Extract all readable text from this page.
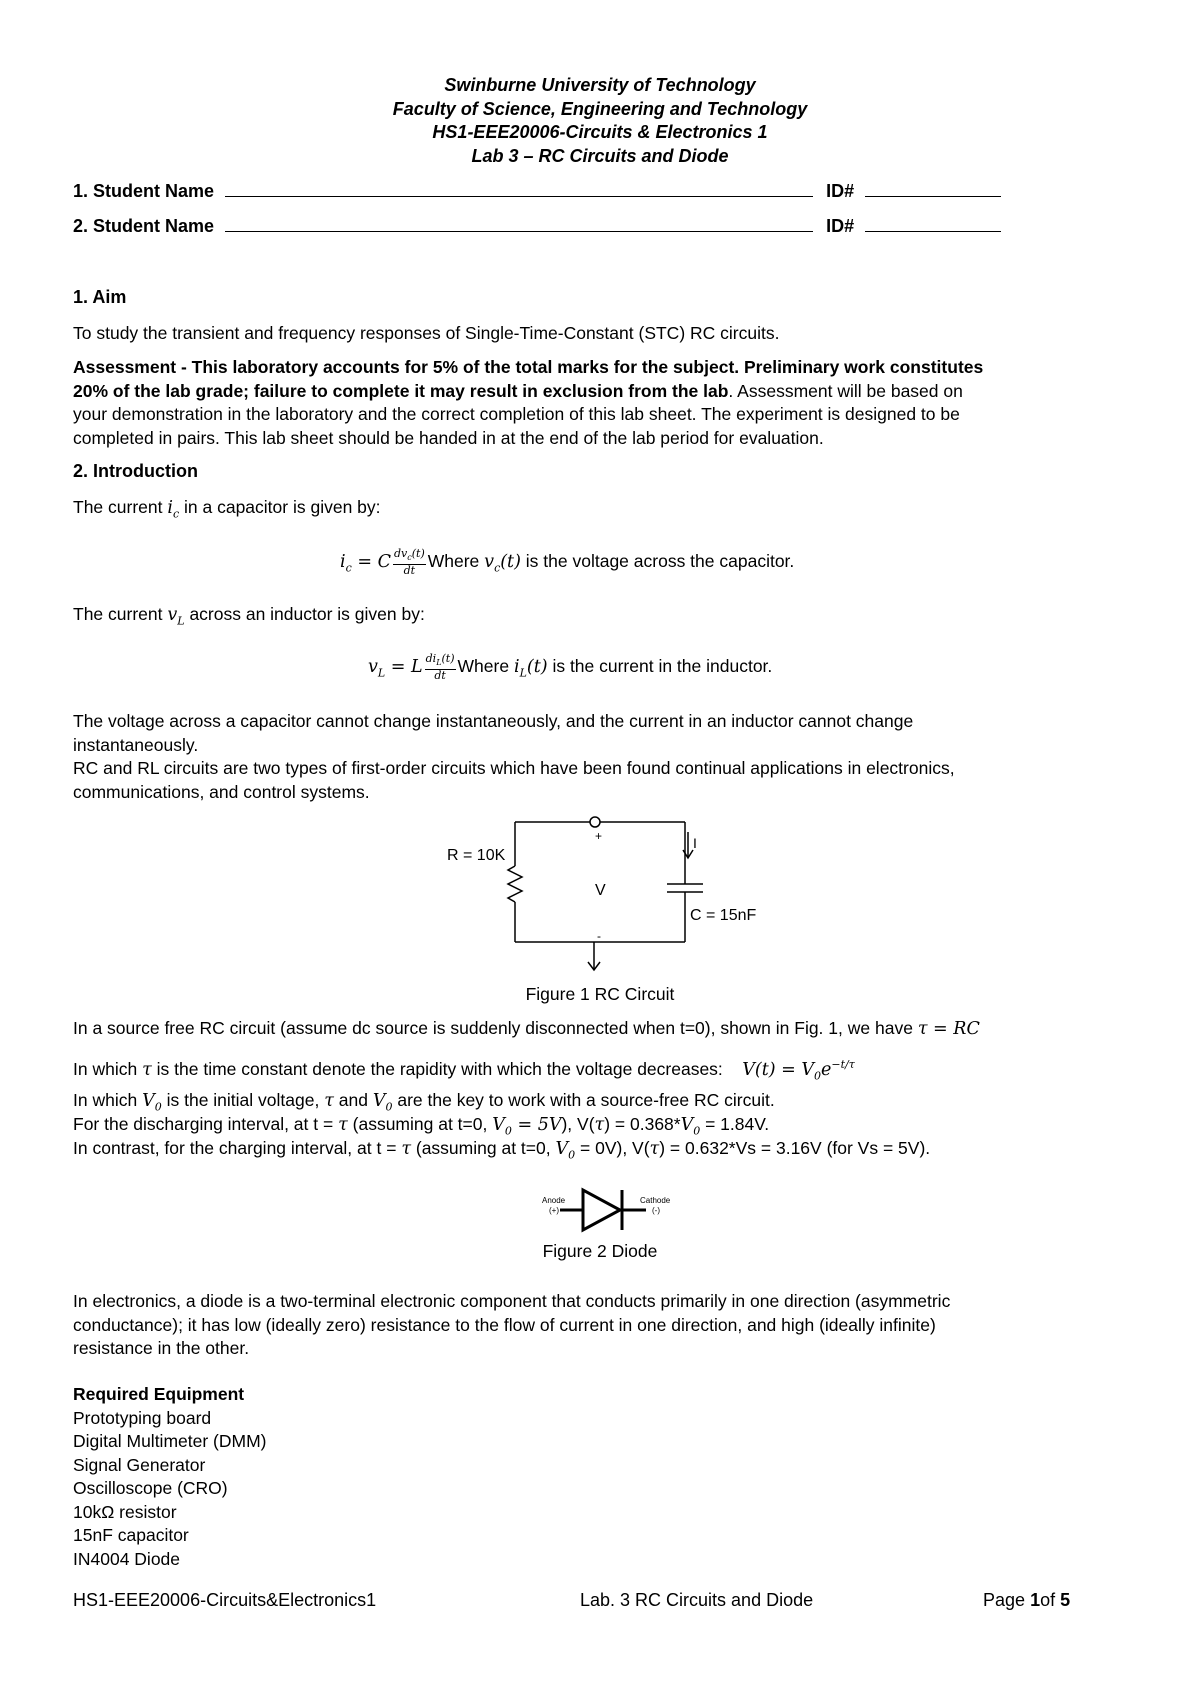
Swinburne University of Technology
Faculty of Science, Engineering and Technology
HS1-EEE20006-Circuits & Electronics 1
Lab 3 – RC Circuits and Diode
1. Student Name	ID#
2. Student Name	ID#
1. Aim
To study the transient and frequency responses of Single-Time-Constant (STC) RC circuits.
Assessment - This laboratory accounts for 5% of the total marks for the subject. Preliminary work constitutes
20% of the lab grade; failure to complete it may result in exclusion from the lab. Assessment will be based on
your demonstration in the laboratory and the correct completion of this lab sheet. The experiment is designed to be
completed in pairs. This lab sheet should be handed in at the end of the lab period for evaluation.
2. Introduction
The current $i_c$ in a capacitor is given by:
$i_c = C \frac{dv_c(t)}{dt}$ Where $v_c(t)$ is the voltage across the capacitor.
The current $v_L$ across an inductor is given by:
$v_L = L \frac{di_L(t)}{dt}$ Where $i_L(t)$ is the current in the inductor.
The voltage across a capacitor cannot change instantaneously, and the current in an inductor cannot change
instantaneously.
RC and RL circuits are two types of first-order circuits which have been found continual applications in electronics,
communications, and control systems.
R = 10K
C = 15nF
V
I
+
-
Figure 1 RC Circuit
In a source free RC circuit (assume dc source is suddenly disconnected when t=0), shown in Fig. 1, we have τ = RC
In which τ is the time constant denote the rapidity with which the voltage decreases: $V(t) = V_0e^{-t/\tau}$
In which $V_0$ is the initial voltage, τ and $V_0$ are the key to work with a source-free RC circuit.
For the discharging interval, at t = τ (assuming at t=0, $V_0 = 5V$), $V(\tau) = 0.368*V_0 = 1.84V$.
In contrast, for the charging interval, at t = τ (assuming at t=0, $V_0 = 0V$), V(τ) = 0.632*Vs = 3.16V (for Vs = 5V).
Anode
(+)
Cathode
(-)
Figure 2 Diode
In electronics, a diode is a two-terminal electronic component that conducts primarily in one direction (asymmetric
conductance); it has low (ideally zero) resistance to the flow of current in one direction, and high (ideally infinite)
resistance in the other.
Required Equipment
Prototyping board
Digital Multimeter (DMM)
Signal Generator
Oscilloscope (CRO)
10kΩ resistor
15nF capacitor
IN4004 Diode
HS1-EEE20006-Circuits&Electronics1	Lab. 3 RC Circuits and Diode	Page 1of 5
